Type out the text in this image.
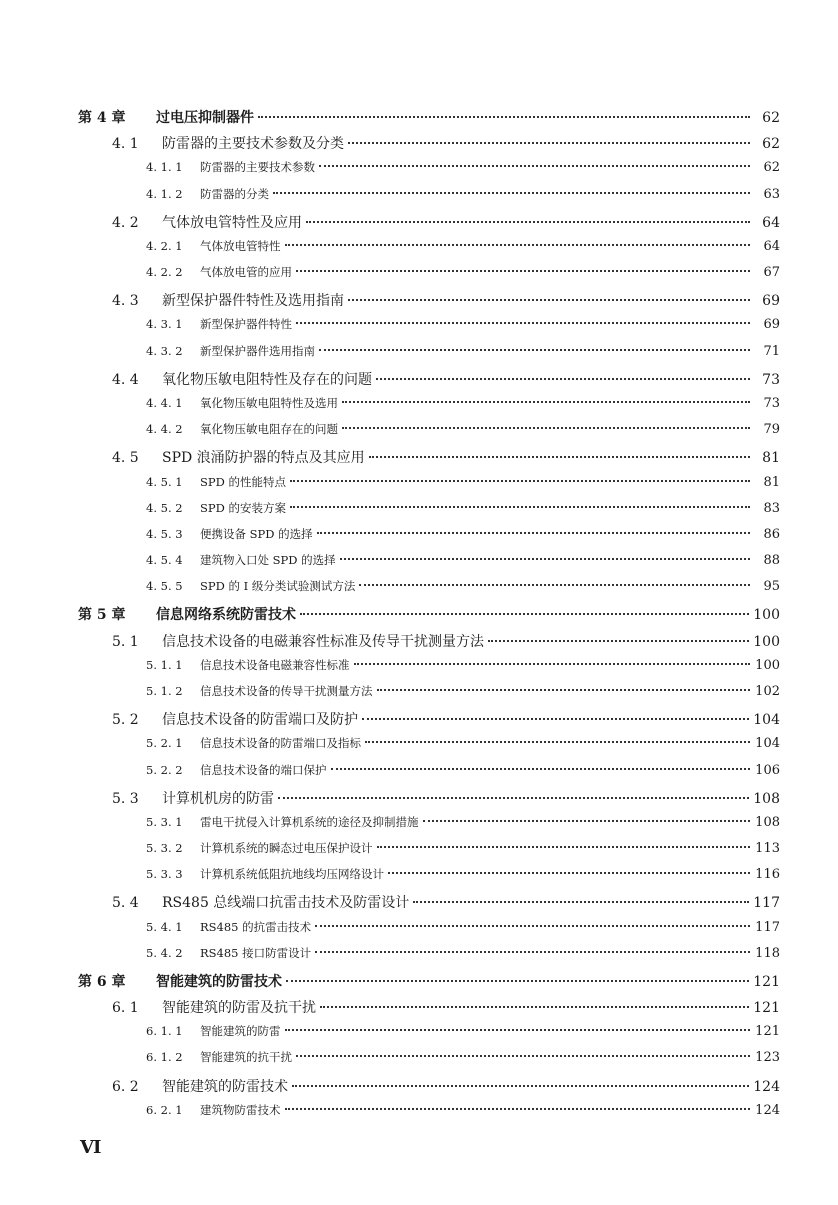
第 4 章	过电压抑制器件	62
4. 1	防雷器的主要技术参数及分类	62
4. 1. 1	防雷器的主要技术参数	62
4. 1. 2	防雷器的分类	63
4. 2	气体放电管特性及应用	64
4. 2. 1	气体放电管特性	64
4. 2. 2	气体放电管的应用	67
4. 3	新型保护器件特性及选用指南	69
4. 3. 1	新型保护器件特性	69
4. 3. 2	新型保护器件选用指南	71
4. 4	氧化物压敏电阻特性及存在的问题	73
4. 4. 1	氧化物压敏电阻特性及选用	73
4. 4. 2	氧化物压敏电阻存在的问题	79
4. 5	SPD 浪涌防护器的特点及其应用	81
4. 5. 1	SPD 的性能特点	81
4. 5. 2	SPD 的安装方案	83
4. 5. 3	便携设备 SPD 的选择	86
4. 5. 4	建筑物入口处 SPD 的选择	88
4. 5. 5	SPD 的 I 级分类试验测试方法	95
第 5 章	信息网络系统防雷技术	100
5. 1	信息技术设备的电磁兼容性标准及传导干扰测量方法	100
5. 1. 1	信息技术设备电磁兼容性标准	100
5. 1. 2	信息技术设备的传导干扰测量方法	102
5. 2	信息技术设备的防雷端口及防护	104
5. 2. 1	信息技术设备的防雷端口及指标	104
5. 2. 2	信息技术设备的端口保护	106
5. 3	计算机机房的防雷	108
5. 3. 1	雷电干扰侵入计算机系统的途径及抑制措施	108
5. 3. 2	计算机系统的瞬态过电压保护设计	113
5. 3. 3	计算机系统低阻抗地线均压网络设计	116
5. 4	RS485 总线端口抗雷击技术及防雷设计	117
5. 4. 1	RS485 的抗雷击技术	117
5. 4. 2	RS485 接口防雷设计	118
第 6 章	智能建筑的防雷技术	121
6. 1	智能建筑的防雷及抗干扰	121
6. 1. 1	智能建筑的防雷	121
6. 1. 2	智能建筑的抗干扰	123
6. 2	智能建筑的防雷技术	124
6. 2. 1	建筑物防雷技术	124
VI
